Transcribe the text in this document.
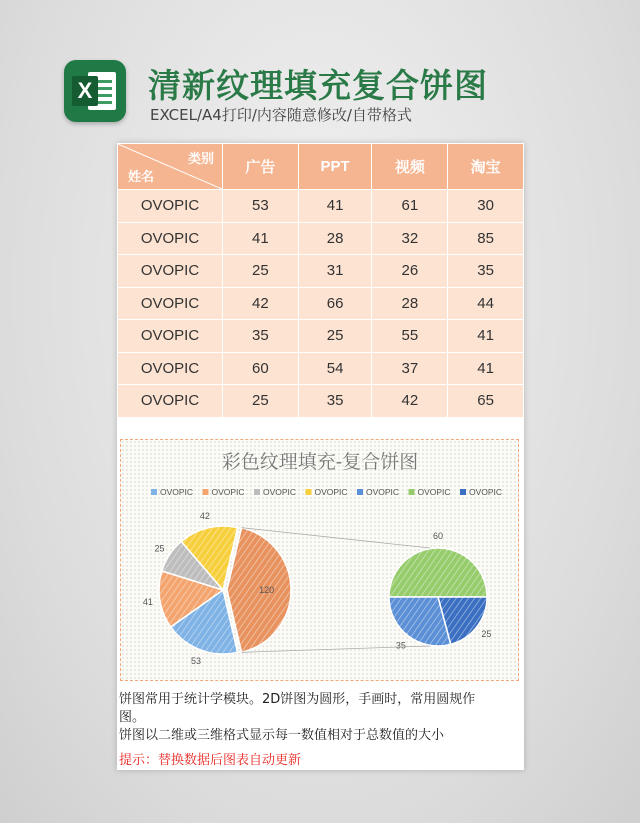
X 清新纹理填充复合饼图

EXCEL/A4打印/内容随意修改/自带格式

类别
姓名	广告	PPT	视频	淘宝
OVOPIC	53	41	61	30
OVOPIC	41	28	32	85
OVOPIC	25	31	26	35
OVOPIC	42	66	28	44
OVOPIC	35	25	55	41
OVOPIC	60	54	37	41
OVOPIC	25	35	42	65
彩色纹理填充-复合饼图
OVOPIC OVOPIC OVOPIC OVOPIC OVOPIC OVOPIC OVOPIC
120
53
41
25
42
60
25
35

饼图常用于统计学模块。2D饼图为圆形，手画时，常用圆规作

图。

饼图以二维或三维格式显示每一数值相对于总数值的大小

提示：替换数据后图表自动更新
